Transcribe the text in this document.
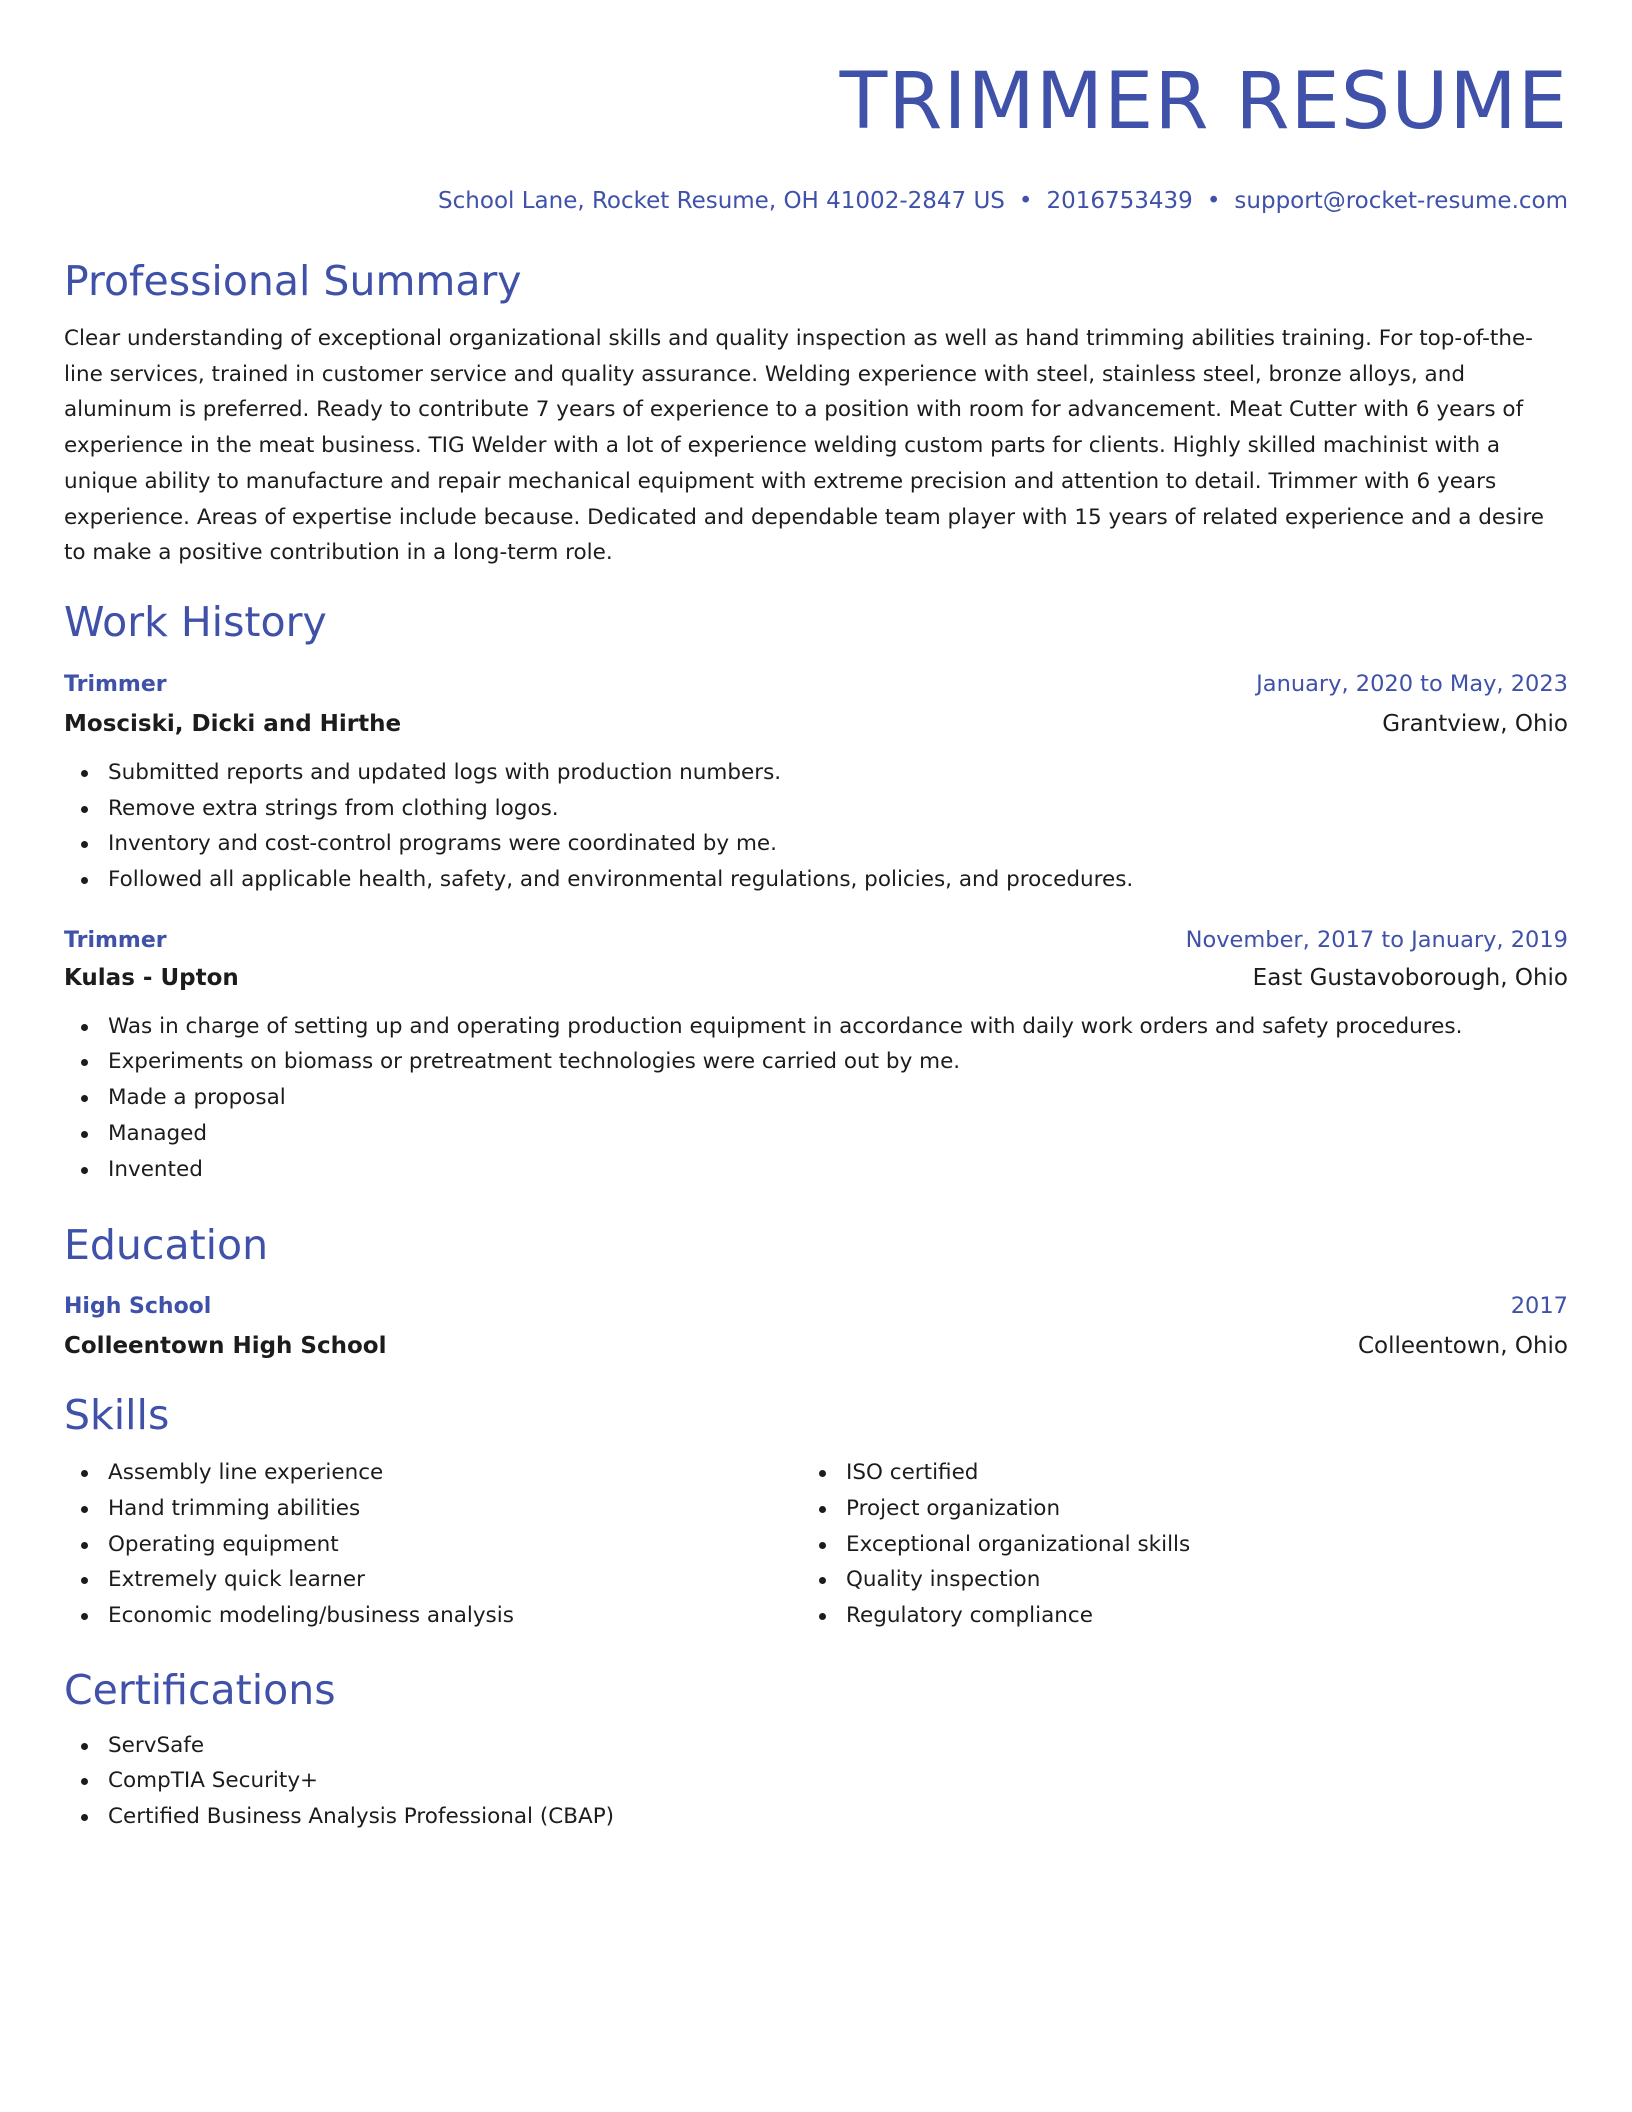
TRIMMER RESUME
School Lane, Rocket Resume, OH 41002-2847 US • 2016753439 • support@rocket-resume.com
Professional Summary
Clear understanding of exceptional organizational skills and quality inspection as well as hand trimming abilities training. For top-of-the-line services, trained in customer service and quality assurance. Welding experience with steel, stainless steel, bronze alloys, and aluminum is preferred. Ready to contribute 7 years of experience to a position with room for advancement. Meat Cutter with 6 years of experience in the meat business. TIG Welder with a lot of experience welding custom parts for clients. Highly skilled machinist with a unique ability to manufacture and repair mechanical equipment with extreme precision and attention to detail. Trimmer with 6 years experience. Areas of expertise include because. Dedicated and dependable team player with 15 years of related experience and a desire to make a positive contribution in a long-term role.
Work History
Trimmer	January, 2020 to May, 2023
Mosciski, Dicki and Hirthe	Grantview, Ohio
Submitted reports and updated logs with production numbers.
Remove extra strings from clothing logos.
Inventory and cost-control programs were coordinated by me.
Followed all applicable health, safety, and environmental regulations, policies, and procedures.
Trimmer	November, 2017 to January, 2019
Kulas - Upton	East Gustavoborough, Ohio
Was in charge of setting up and operating production equipment in accordance with daily work orders and safety procedures.
Experiments on biomass or pretreatment technologies were carried out by me.
Made a proposal
Managed
Invented
Education
High School	2017
Colleentown High School	Colleentown, Ohio
Skills
Assembly line experience
Hand trimming abilities
Operating equipment
Extremely quick learner
Economic modeling/business analysis
ISO certified
Project organization
Exceptional organizational skills
Quality inspection
Regulatory compliance
Certifications
ServSafe
CompTIA Security+
Certified Business Analysis Professional (CBAP)
